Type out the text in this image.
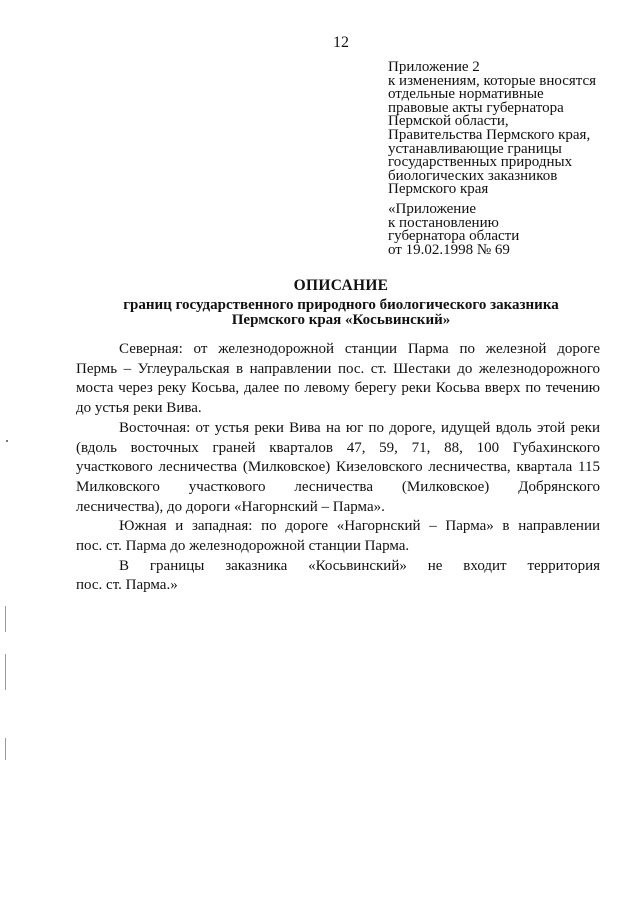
12
Приложение 2
к изменениям, которые вносятся
отдельные нормативные
правовые акты губернатора
Пермской области,
Правительства Пермского края,
устанавливающие границы
государственных природных
биологических заказников
Пермского края
«Приложение
к постановлению
губернатора области
от 19.02.1998 № 69
ОПИСАНИЕ
границ государственного природного биологического заказника
Пермского края «Косьвинский»
Северная: от железнодорожной станции Парма по железной дороге
Пермь – Углеуральская в направлении пос. ст. Шестаки до железнодорожного
моста через реку Косьва, далее по левому берегу реки Косьва вверх по течению
до устья реки Вива.
Восточная: от устья реки Вива на юг по дороге, идущей вдоль этой реки
(вдоль восточных граней кварталов 47, 59, 71, 88, 100 Губахинского
участкового лесничества (Милковское) Кизеловского лесничества, квартала 115
Милковского участкового лесничества (Милковское) Добрянского
лесничества), до дороги «Нагорнский – Парма».
Южная и западная: по дороге «Нагорнский – Парма» в направлении
пос. ст. Парма до железнодорожной станции Парма.
В границы заказника «Косьвинский» не входит территория
пос. ст. Парма.»
